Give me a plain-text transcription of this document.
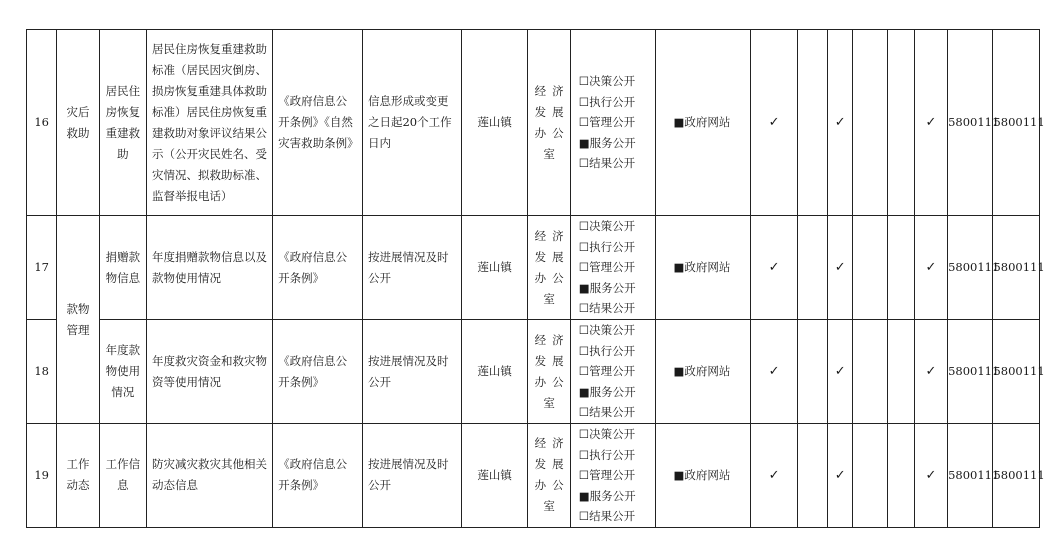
16	灾后救助	居民住房恢复重建救助	居民住房恢复重建救助标准（居民因灾倒房、损房恢复重建具体救助标准）居民住房恢复重建救助对象评议结果公示（公开灾民姓名、受灾情况、拟救助标准、监督举报电话）	《政府信息公开条例》《自然灾害救助条例》	信息形成或变更之日起20个工作日内	莲山镇	经济发展办公室	☐决策公开
☐执行公开
☐管理公开
■服务公开
☐结果公开	■政府网站	✓		✓			✓	5800111	5800111
17	款物管理	捐赠款物信息	年度捐赠款物信息以及款物使用情况	《政府信息公开条例》	按进展情况及时公开	莲山镇	经济发展办公室	☐决策公开
☐执行公开
☐管理公开
■服务公开
☐结果公开	■政府网站	✓		✓			✓	5800111	5800111
18		年度款物使用情况	年度救灾资金和救灾物资等使用情况	《政府信息公开条例》	按进展情况及时公开	莲山镇	经济发展办公室	☐决策公开
☐执行公开
☐管理公开
■服务公开
☐结果公开	■政府网站	✓		✓			✓	5800111	5800111
19	工作动态	工作信息	防灾减灾救灾其他相关动态信息	《政府信息公开条例》	按进展情况及时公开	莲山镇	经济发展办公室	☐决策公开
☐执行公开
☐管理公开
■服务公开
☐结果公开	■政府网站	✓		✓			✓	5800111	5800111
